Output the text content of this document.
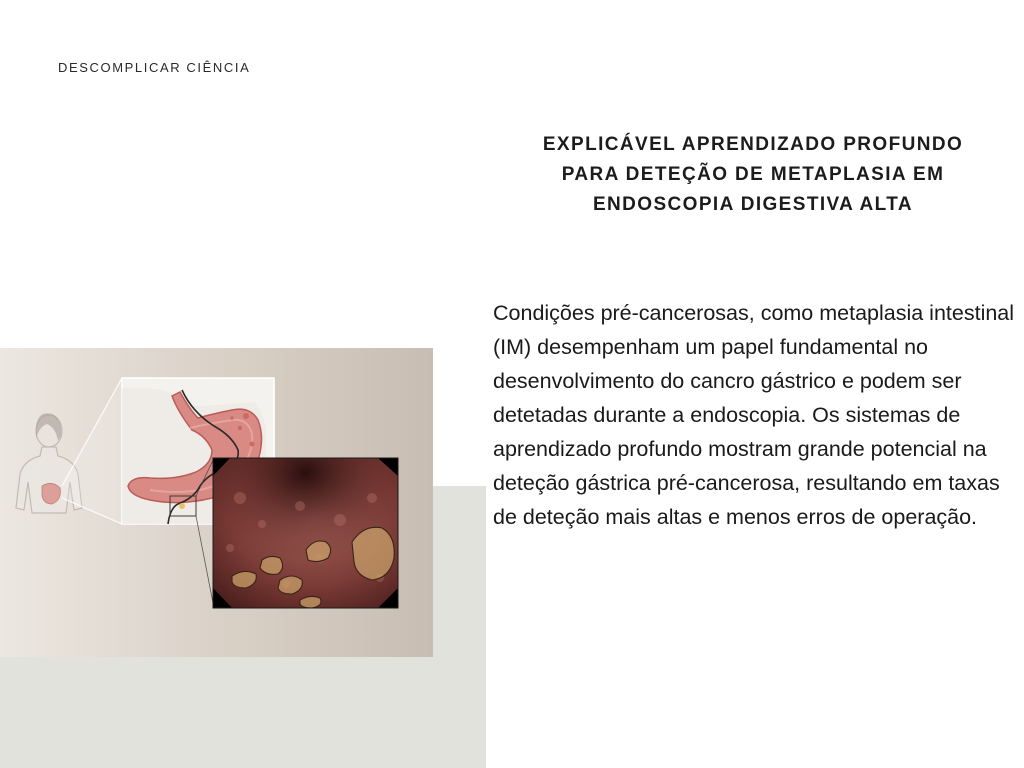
DESCOMPLICAR CIÊNCIA
EXPLICÁVEL APRENDIZADO PROFUNDO PARA DETEÇÃO DE METAPLASIA EM ENDOSCOPIA DIGESTIVA ALTA

Condições pré-cancerosas, como metaplasia intestinal (IM) desempenham um papel fundamental no desenvolvimento do cancro gástrico e podem ser detetadas durante a endoscopia. Os sistemas de aprendizado profundo mostram grande potencial na deteção gástrica pré-cancerosa, resultando em taxas de deteção mais altas e menos erros de operação.
